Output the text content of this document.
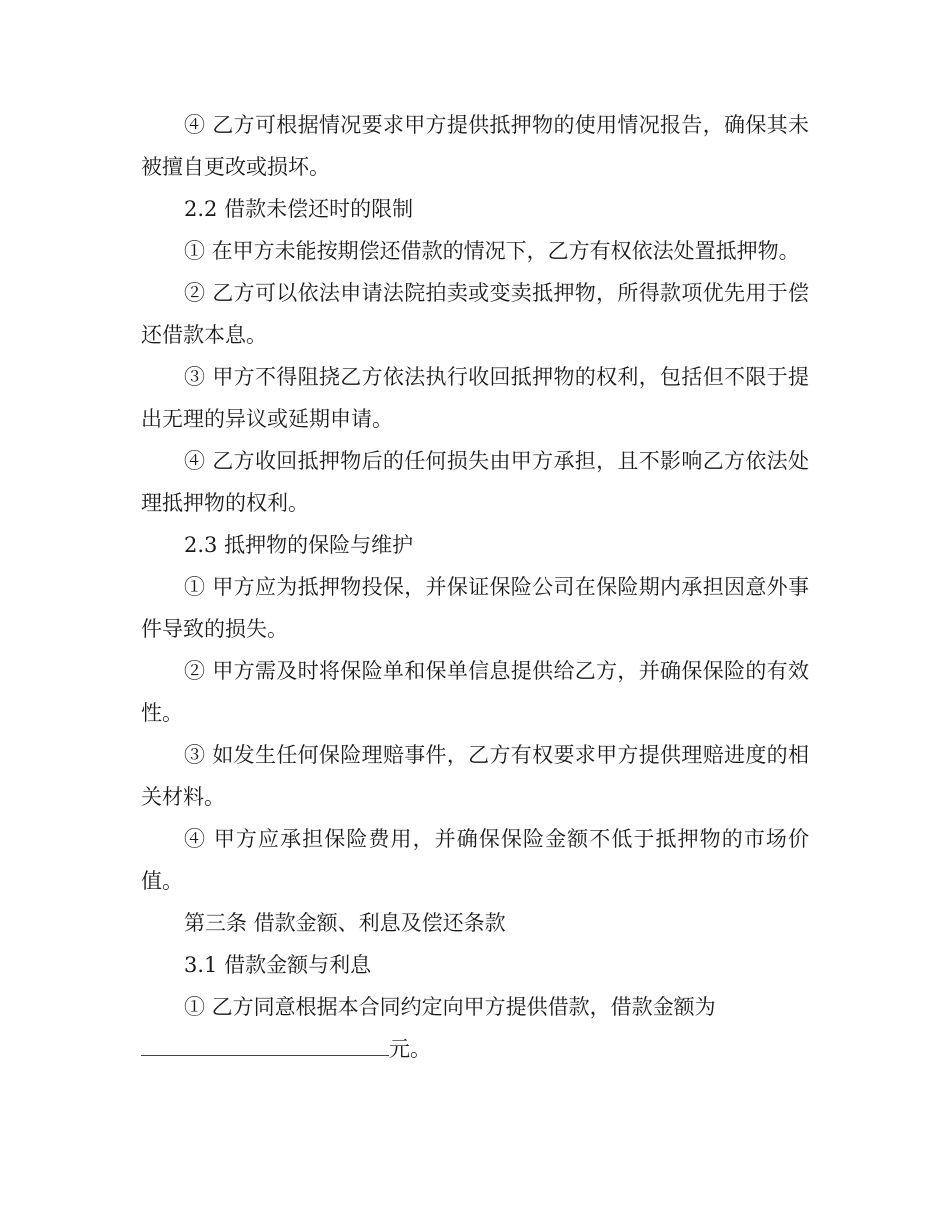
④ 乙方可根据情况要求甲方提供抵押物的使用情况报告，确保其未被擅自更改或损坏。

2.2 借款未偿还时的限制

① 在甲方未能按期偿还借款的情况下，乙方有权依法处置抵押物。

② 乙方可以依法申请法院拍卖或变卖抵押物，所得款项优先用于偿还借款本息。

③ 甲方不得阻挠乙方依法执行收回抵押物的权利，包括但不限于提出无理的异议或延期申请。

④ 乙方收回抵押物后的任何损失由甲方承担，且不影响乙方依法处理抵押物的权利。

2.3 抵押物的保险与维护

① 甲方应为抵押物投保，并保证保险公司在保险期内承担因意外事件导致的损失。

② 甲方需及时将保险单和保单信息提供给乙方，并确保保险的有效性。

③ 如发生任何保险理赔事件，乙方有权要求甲方提供理赔进度的相关材料。

④ 甲方应承担保险费用，并确保保险金额不低于抵押物的市场价值。

第三条 借款金额、利息及偿还条款

3.1 借款金额与利息

① 乙方同意根据本合同约定向甲方提供借款，借款金额为

元。
